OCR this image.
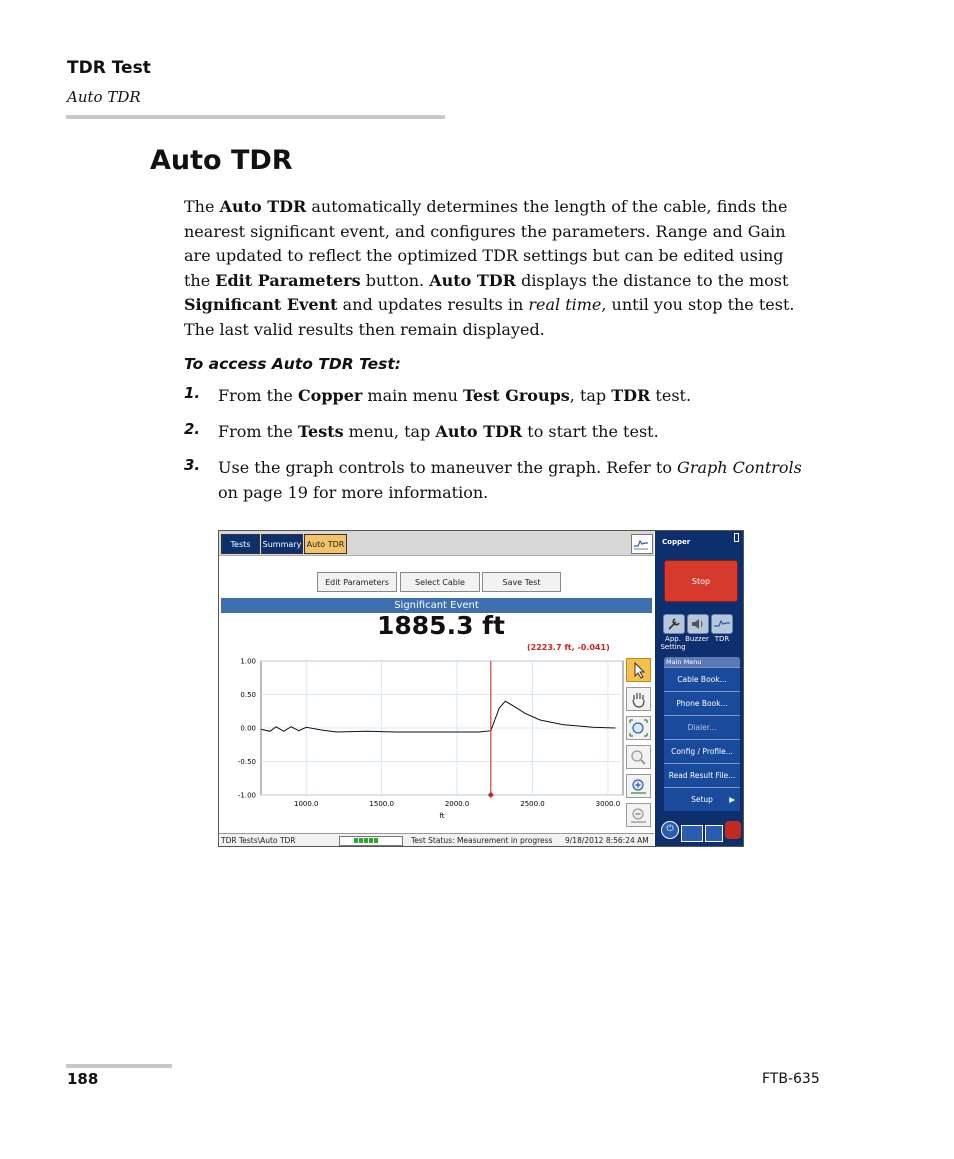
TDR Test
Auto TDR
Auto TDR
The Auto TDR automatically determines the length of the cable, finds the nearest significant event, and configures the parameters. Range and Gain are updated to reflect the optimized TDR settings but can be edited using the Edit Parameters button. Auto TDR displays the distance to the most Significant Event and updates results in real time, until you stop the test. The last valid results then remain displayed.
To access Auto TDR Test:
1. From the Copper main menu Test Groups, tap TDR test.
2. From the Tests menu, tap Auto TDR to start the test.
3. Use the graph controls to maneuver the graph. Refer to Graph Controls on page 19 for more information.
Tests	Summary Auto TDR
Edit Parameters	Select Cable	Save Test
Significant Event
1885.3 ft
(2223.7 ft, -0.041)
1000.0	1500.0	2000.0	2500.0	3000.0
1.00
0.50
0.00
-0.50
-1.00	◆
ft
TDR Tests\Auto TDR	Test Status: Measurement in progress 9/18/2012 8:56:24 AM
Copper
Stop
App. Setting
Buzzer TDR
Main Menu
Cable Book...
Phone Book...
Dialer...
Config / Profile...
Read Result File...
Setup ▶
⏻
188	FTB-635
